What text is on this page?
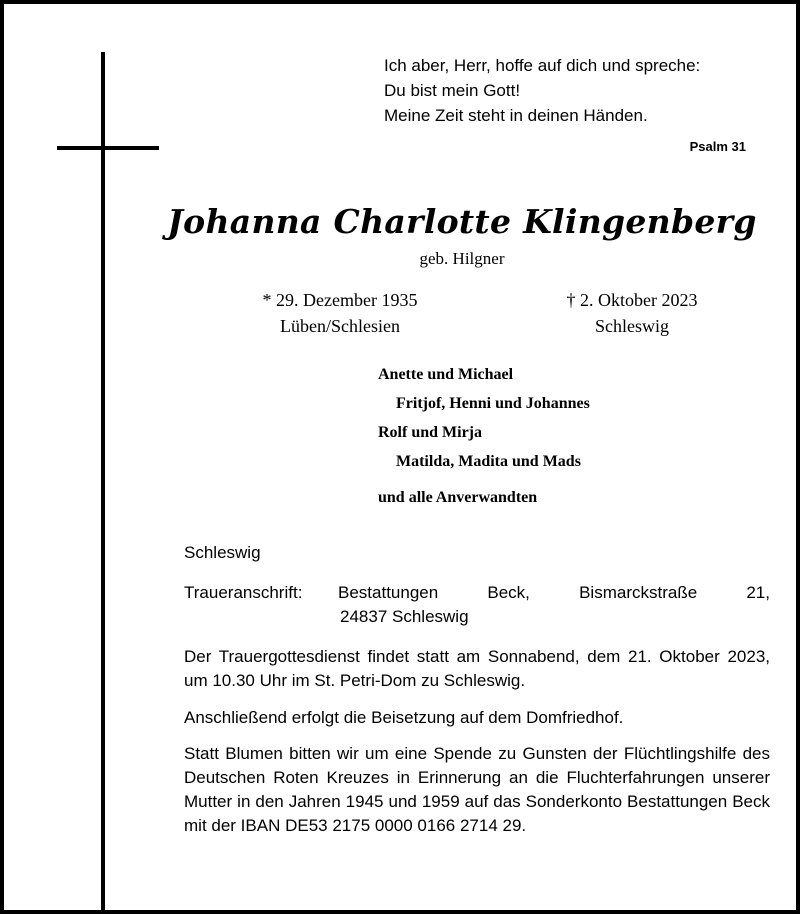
Ich aber, Herr, hoffe auf dich und spreche:
Du bist mein Gott!
Meine Zeit steht in deinen Händen.
Psalm 31
Johanna Charlotte Klingenberg
geb. Hilgner
* 29. Dezember 1935
Lüben/Schlesien
† 2. Oktober 2023
Schleswig
Anette und Michael
Fritjof, Henni und Johannes
Rolf und Mirja
Matilda, Madita und Mads
und alle Anverwandten
Schleswig
Traueranschrift:	Bestattungen Beck, Bismarckstraße 21,
24837 Schleswig
Der Trauergottesdienst findet statt am Sonnabend, dem 21. Oktober 2023, um 10.30 Uhr im St. Petri-Dom zu Schleswig.
Anschließend erfolgt die Beisetzung auf dem Domfriedhof.
Statt Blumen bitten wir um eine Spende zu Gunsten der Flüchtlingshilfe des Deutschen Roten Kreuzes in Erinnerung an die Fluchterfahrungen unserer Mutter in den Jahren 1945 und 1959 auf das Sonderkonto Bestattungen Beck mit der IBAN DE53 2175 0000 0166 2714 29.
